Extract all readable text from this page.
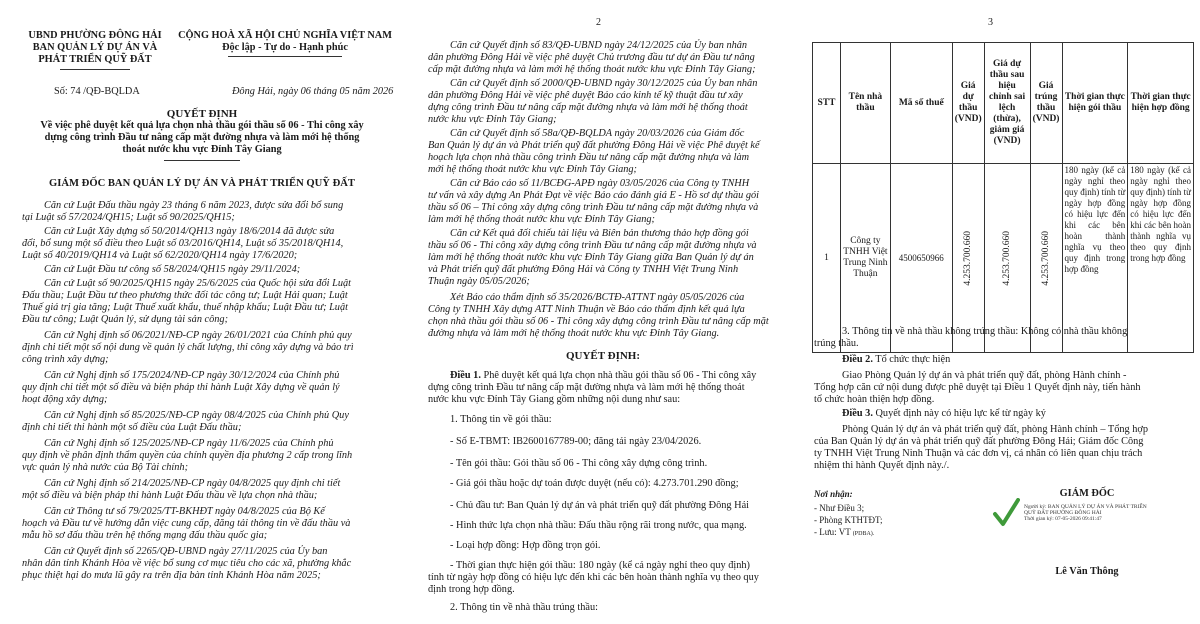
UBND PHƯỜNG ĐÔNG HẢI
BAN QUẢN LÝ DỰ ÁN VÀ
PHÁT TRIỂN QUỸ ĐẤT
CỘNG HOÀ XÃ HỘI CHỦ NGHĨA VIỆT NAM
Độc lập - Tự do - Hạnh phúc
Số: 74 /QĐ-BQLDA	Đông Hải, ngày 06 tháng 05 năm 2026
QUYẾT ĐỊNH
Về việc phê duyệt kết quả lựa chọn nhà thầu gói thầu số 06 - Thi công xây
dựng công trình Đầu tư nâng cấp mặt đường nhựa và làm mới hệ thống
thoát nước khu vực Đỉnh Tây Giang
GIÁM ĐỐC BAN QUẢN LÝ DỰ ÁN VÀ PHÁT TRIỂN QUỸ ĐẤT
Căn cứ Luật Đấu thầu ngày 23 tháng 6 năm 2023, được sửa đổi bổ sung
tại Luật số 57/2024/QH15; Luật số 90/2025/QH15;
Căn cứ Luật Xây dựng số 50/2014/QH13 ngày 18/6/2014 đã được sửa
đổi, bổ sung một số điều theo Luật số 03/2016/QH14, Luật số 35/2018/QH14,
Luật số 40/2019/QH14 và Luật số 62/2020/QH14 ngày 17/6/2020;
Căn cứ Luật Đầu tư công số 58/2024/QH15 ngày 29/11/2024;
Căn cứ Luật số 90/2025/QH15 ngày 25/6/2025 của Quốc hội sửa đổi Luật
Đấu thầu; Luật Đầu tư theo phương thức đối tác công tư; Luật Hải quan; Luật
Thuế giá trị gia tăng; Luật Thuế xuất khẩu, thuế nhập khẩu; Luật Đầu tư; Luật
Đầu tư công; Luật Quản lý, sử dụng tài sản công;
Căn cứ Nghị định số 06/2021/NĐ-CP ngày 26/01/2021 của Chính phủ quy
định chi tiết một số nội dung về quản lý chất lượng, thi công xây dựng và bảo trì
công trình xây dựng;
Căn cứ Nghị định số 175/2024/NĐ-CP ngày 30/12/2024 của Chính phủ
quy định chi tiết một số điều và biện pháp thi hành Luật Xây dựng về quản lý
hoạt động xây dựng;
Căn cứ Nghị định số 85/2025/NĐ-CP ngày 08/4/2025 của Chính phủ Quy
định chi tiết thi hành một số điều của Luật Đấu thầu;
Căn cứ Nghị định số 125/2025/NĐ-CP ngày 11/6/2025 của Chính phủ
quy định về phân định thẩm quyền của chính quyền địa phương 2 cấp trong lĩnh
vực quản lý nhà nước của Bộ Tài chính;
Căn cứ Nghị định số 214/2025/NĐ-CP ngày 04/8/2025 quy định chi tiết
một số điều và biện pháp thi hành Luật Đấu thầu về lựa chọn nhà thầu;
Căn cứ Thông tư số 79/2025/TT-BKHĐT ngày 04/8/2025 của Bộ Kế
hoạch và Đầu tư về hướng dẫn việc cung cấp, đăng tải thông tin về đấu thầu và
mẫu hồ sơ đấu thầu trên hệ thống mạng đấu thầu quốc gia;
Căn cứ Quyết định số 2265/QĐ-UBND ngày 27/11/2025 của Ủy ban
nhân dân tỉnh Khánh Hòa về việc bổ sung cơ mục tiêu cho các xã, phường khắc
phục thiệt hại do mưa lũ gây ra trên địa bàn tỉnh Khánh Hòa năm 2025;
2
Căn cứ Quyết định số 83/QĐ-UBND ngày 24/12/2025 của Ủy ban nhân
dân phường Đông Hải về việc phê duyệt Chủ trương đầu tư dự án Đầu tư nâng
cấp mặt đường nhựa và làm mới hệ thống thoát nước khu vực Đỉnh Tây Giang;
Căn cứ Quyết định số 2000/QĐ-UBND ngày 30/12/2025 của Ủy ban nhân
dân phường Đông Hải về việc phê duyệt Báo cáo kinh tế kỹ thuật đầu tư xây
dựng công trình Đầu tư nâng cấp mặt đường nhựa và làm mới hệ thống thoát
nước khu vực Đỉnh Tây Giang;
Căn cứ Quyết định số 58a/QĐ-BQLDA ngày 20/03/2026 của Giám đốc
Ban Quản lý dự án và Phát triển quỹ đất phường Đông Hải về việc Phê duyệt kế
hoạch lựa chọn nhà thầu công trình Đầu tư nâng cấp mặt đường nhựa và làm
mới hệ thống thoát nước khu vực Đỉnh Tây Giang;
Căn cứ Báo cáo số 11/BCĐG-APĐ ngày 03/05/2026 của Công ty TNHH
tư vấn và xây dựng An Phát Đạt về việc Báo cáo đánh giá E - Hồ sơ dự thầu gói
thầu số 06 – Thi công xây dựng công trình Đầu tư nâng cấp mặt đường nhựa và
làm mới hệ thống thoát nước khu vực Đỉnh Tây Giang;
Căn cứ Kết quả đối chiếu tài liệu và Biên bản thương thảo hợp đồng gói
thầu số 06 - Thi công xây dựng công trình Đầu tư nâng cấp mặt đường nhựa và
làm mới hệ thống thoát nước khu vực Đỉnh Tây Giang giữa Ban Quản lý dự án
và Phát triển quỹ đất phường Đông Hải và Công ty TNHH Việt Trung Ninh
Thuận ngày 05/05/2026;
Xét Báo cáo thẩm định số 35/2026/BCTĐ-ATTNT ngày 05/05/2026 của
Công ty TNHH Xây dựng ATT Ninh Thuận về Báo cáo thẩm định kết quả lựa
chọn nhà thầu gói thầu số 06 - Thi công xây dựng công trình Đầu tư nâng cấp mặt
đường nhựa và làm mới hệ thống thoát nước khu vực Đỉnh Tây Giang.
QUYẾT ĐỊNH:
Điều 1. Phê duyệt kết quả lựa chọn nhà thầu gói thầu số 06 - Thi công xây
dựng công trình Đầu tư nâng cấp mặt đường nhựa và làm mới hệ thống thoát
nước khu vực Đỉnh Tây Giang gồm những nội dung như sau:
1. Thông tin về gói thầu:
- Số E-TBMT: IB2600167789-00; đăng tải ngày 23/04/2026.
- Tên gói thầu: Gói thầu số 06 - Thi công xây dựng công trình.
- Giá gói thầu hoặc dự toán được duyệt (nếu có): 4.273.701.290 đồng;
- Chủ đầu tư: Ban Quản lý dự án và phát triển quỹ đất phường Đông Hải
- Hình thức lựa chọn nhà thầu: Đấu thầu rộng rãi trong nước, qua mạng.
- Loại hợp đồng: Hợp đồng trọn gói.
- Thời gian thực hiện gói thầu: 180 ngày (kể cả ngày nghỉ theo quy định)
tính từ ngày hợp đồng có hiệu lực đến khi các bên hoàn thành nghĩa vụ theo quy
định trong hợp đồng.
2. Thông tin về nhà thầu trúng thầu:
3
STT	Tên nhà thầu	Mã số thuế	Giá dự thầu (VND)	Giá dự thầu sau hiệu chỉnh sai lệch (thừa), giảm giá (VND)	Giá trúng thầu (VND)	Thời gian thực hiện gói thầu	Thời gian thực hiện hợp đồng
1	Công ty TNHH Việt Trung Ninh Thuận	4500650966	4.253.700.660	4.253.700.660	4.253.700.660	180 ngày (kể cả ngày nghỉ theo quy định) tính từ ngày hợp đồng có hiệu lực đến khi các bên hoàn thành nghĩa vụ theo quy định trong hợp đồng	180 ngày (kể cả ngày nghỉ theo quy định) tính từ ngày hợp đồng có hiệu lực đến khi các bên hoàn thành nghĩa vụ theo quy định trong hợp đồng
3. Thông tin về nhà thầu không trúng thầu: Không có nhà thầu không
trúng thầu.
Điều 2. Tổ chức thực hiện
Giao Phòng Quản lý dự án và phát triển quỹ đất, phòng Hành chính -
Tổng hợp căn cứ nội dung được phê duyệt tại Điều 1 Quyết định này, tiến hành
tổ chức hoàn thiện hợp đồng.
Điều 3. Quyết định này có hiệu lực kể từ ngày ký
Phòng Quản lý dự án và phát triển quỹ đất, phòng Hành chính – Tổng hợp
của Ban Quản lý dự án và phát triển quỹ đất phường Đông Hải; Giám đốc Công
ty TNHH Việt Trung Ninh Thuận và các đơn vị, cá nhân có liên quan chịu trách
nhiệm thi hành Quyết định này./.
Nơi nhận:
- Như Điều 3;
- Phòng KTHTĐT;
- Lưu: VT (PDBA).
GIÁM ĐỐC
Người ký: BAN QUẢN LÝ DỰ ÁN VÀ PHÁT TRIỂN
QUỸ ĐẤT PHƯỜNG ĐÔNG HẢI
Thời gian ký: 07-05-2026 09:41:47
Lê Văn Thông
